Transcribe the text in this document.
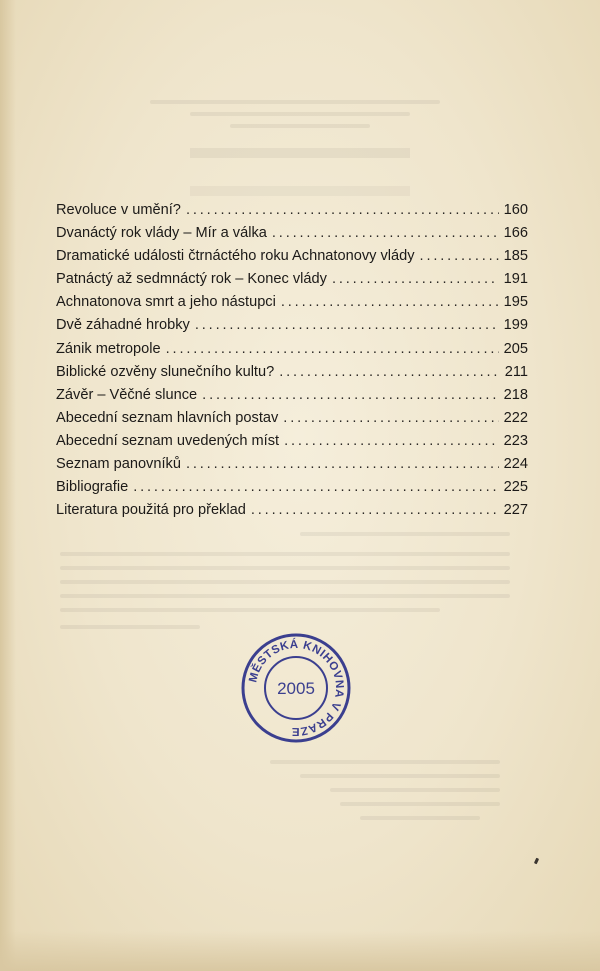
Revoluce v umění? . . .	160
Dvanáctý rok vlády – Mír a válka . . .	166
Dramatické události čtrnáctého roku Achnatonovy vlády . . .	185
Patnáctý až sedmnáctý rok – Konec vlády . . .	191
Achnatonova smrt a jeho nástupci . . .	195
Dvě záhadné hrobky . . .	199
Zánik metropole . . .	205
Biblické ozvěny slunečního kultu? . . .	211
Závěr – Věčné slunce . . .	218
Abecední seznam hlavních postav . . .	222
Abecední seznam uvedených míst . . .	223
Seznam panovníků . . .	224
Bibliografie . . .	225
Literatura použitá pro překlad . . .	227
MĚSTSKÁ KNIHOVNA V PRAZE
2005
